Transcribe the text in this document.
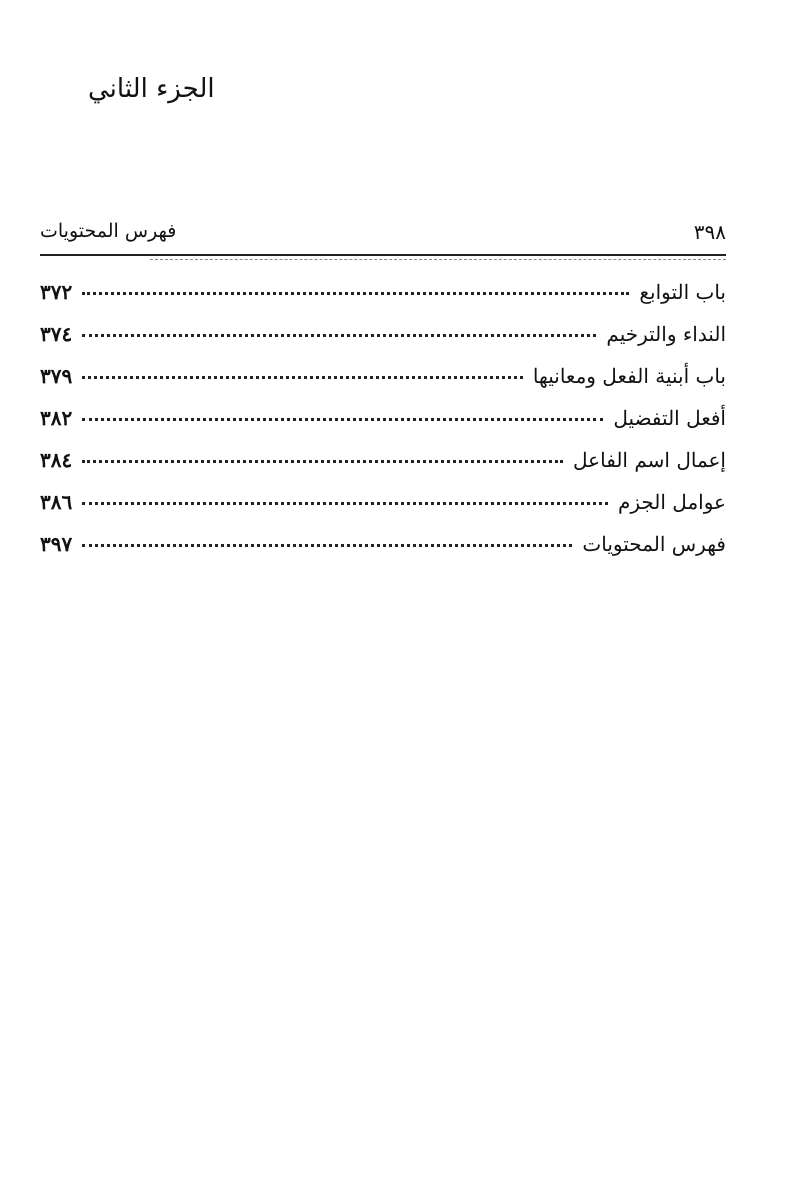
الجزء الثاني
٣٩٨
فهرس المحتويات
باب التوابع
٣٧٢
النداء والترخيم
٣٧٤
باب أبنية الفعل ومعانيها
٣٧٩
أفعل التفضيل
٣٨٢
إعمال اسم الفاعل
٣٨٤
عوامل الجزم
٣٨٦
فهرس المحتويات
٣٩٧
